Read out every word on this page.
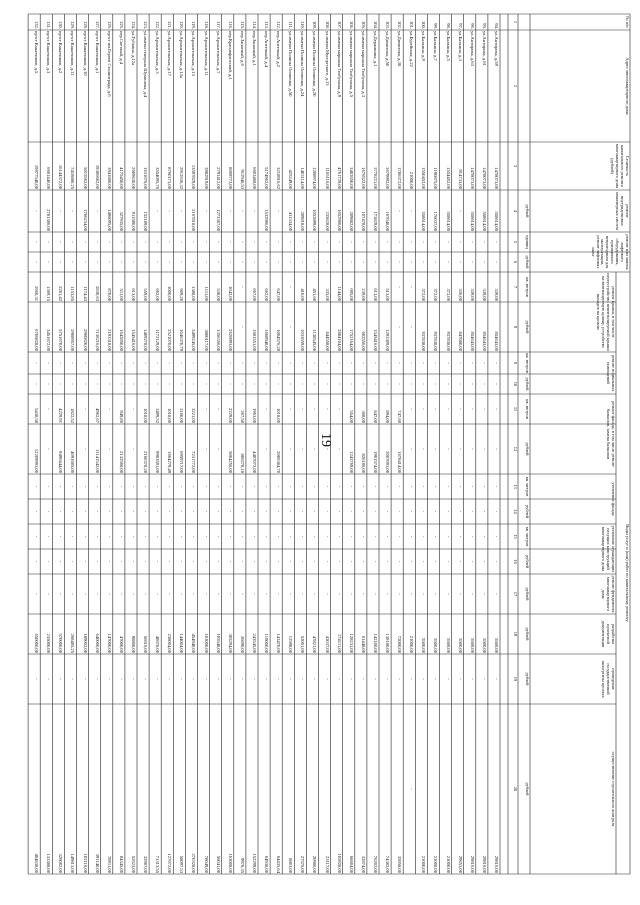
19
Виды услуг и (или) работ по капитальному ремонту
№ п/п
Адрес многоквартирного дома
Стоимость капитального ремонта многоквартирного дома (рублей)
ремонт внутридомовых инженерных систем
ремонт или замена лифтового оборудования, признанного непригодным для эксплуатации, ремонт лифтовых шахт
ремонт крыши, в том числе переустройство невентилируемой крыши на вентилируемую крышу, устройство выходов на кровлю
ремонт подвальных помещений
ремонт фасада, в том числе ремонт балконов, замена балконов
утепление фасада
утепление ограждающих несущих конструкций многоквартирного дома
ремонт фундамента многоквартирного дома
разработка проектной документации
проведение государственной экспертизы проекта
осуществление строительного контроля
рублей
единиц
рублей
кв. метров
рублей
кв. метров
рублей
кв. метров
рублей
кв. метров
рублей
кв. метров
рублей
рублей
рублей
рублей
рублей
1
2
3
4
5
6
7
8
9
10
11
12
13
14
15
16
17
18
19
20
94.
ул.Антирова, д.59
1478073,00
558614,00
-
-
339,00
854643,00
-
-
-
-
-
-
-
-
-
5500,00
-
29816,00
95.
ул.Антирова, д.61
1478073,00
558614,00
-
-
339,00
854643,00
-
-
-
-
-
-
-
-
-
5500,00
-
29816,00
96.
ул.Антирова, д.63
1478073,00
558614,00
-
-
339,00
854643,00
-
-
-
-
-
-
-
-
-
5500,00
-
29816,00
97.
ул.Балкина, д.3
914733,00
-
-
-
336,00
847080,00
-
-
-
-
-
-
-
-
-
5500,00
-
29653,00
98.
ул.Балкина, д.5
1554452,00
558614,00
-
-
372,00
937838,00
-
-
-
-
-
-
-
-
-
5500,00
-
21000,00
99.
ул.Балкина, д.7
1190875,00
176037,00
-
-
372,00
937838,00
-
-
-
-
-
-
-
-
-
5500,00
-
21000,00
100.
ул.Балкина, д.9
1550452,00
558614,00
-
-
372,00
937838,00
-
-
-
-
-
-
-
-
-
5500,00
-
21000,00
101.
ул.Бурейская, д.22
21000,00
-
-
-
-
-
-
-
-
-
-
-
-
-
-
21000,00
-
-
102.
ул.Димитова, д.38
1786372,00
-
-
-
-
-
-
-
747,60
1678414,00
-
-
-
-
-
72000,00
-
35958,00
103.
ул.Димитова, д.50
3679992,00
167048,00
-
-
513,00
1293309,00
-
-
894,00
2007093,00
-
-
-
-
-
138180,00
-
74382,00
104.
ул.Державина, д.1
3778221,00
173829,00
-
-
613,00
1545416,00
-
-
847,00
1901574,00
-
-
-
-
-
142100,00
-
76202,00
105.
ул.имени маршала Толбухина, д.3
1676522,00
107478,00
-
-
239,00
602556,00
-
-
368,00
826186,00
-
-
-
-
-
61448,00
-
32874,00
106.
ул.имени маршала Толбухина, д.5
3402650,00
209882,00
-
-
695,00
1752164,00
-
-
554,00
1243769,00
-
-
-
-
-
128231,00
-
68604,00
107.
ул.имени маршала Толбухина, д.9
4761729,00
1052986,00
-
-
1144,00
2884104,00
-
-
-
-
-
-
-
-
-
174111,00
-
105928,00
108.
ул.имени Мусоргского, д.13
1165116,00
235628,00
-
-
335,00
844558,00
-
-
-
-
-
-
-
-
-
43037,00
-
23117,00
109.
ул.имени Полины Осипенко, д.20
1208974,00
1052899,00
-
-
451,60
1138545,00
-
-
-
-
-
-
-
-
-
47821,00
-
20986,00
110.
ул.имени Полины Осипенко, д.24
1403114,00
289818,00
-
-
410,00
1033659,00
-
-
-
-
-
-
-
-
-
52061,00
-
27576,00
111.
ул.имени Полины Осипенко, д.50
425249,00
411334,00
-
-
-
-
-
-
-
-
-
-
-
-
-
12598,00
-
8803,00
112.
пер.Аптечный, д.2
3218916,62
-
-
-
647,00
1004576,28
-
-
1018,00
2006384,70
-
-
-
-
-
143470,00
-
64435,64
113.
пер.Аптечный, д.4
5174962,00
1532986,00
-
-
662,00
1668948,00
-
-
-
-
-
-
-
-
-
119000,00
-
64938,00
114.
пер.Запасный, д.1
6603468,00
-
-
-
667,00
1681551,00
-
-
1963,00
4407072,00
-
-
-
-
-
243545,00
-
152299,00
115.
пер.Запасный, д.6
912946,53
-
-
-
-
-
-
-
267,50
806278,18
-
-
-
-
-
36690,00
-
9978,35
116.
пер.Краснофлотский, д.1
8069773,00
-
-
-
1042,00
2626993,00
-
-
2229,00
5004256,00
-
-
-
-
-
305294,00
-
163008,00
117.
ул.Архангельская, д.7
2791412,00
1273367,00
-
-
538,00
1356356,00
-
-
-
-
-
-
-
-
-
105548,00
-
56041,00
118.
ул.Архангельская, д.11
3982919,00
-
-
-
1111,00
3800117,00
-
-
-
-
-
-
-
-
-
103000,00
-
78049,00
119.
ул.Архангельская, д.13
13597829,00
2167818,00
-
-
1388,00
3499245,00
-
-
3221,00
7231772,00
-
-
-
-
-
454940,00
-
270328,00
120.
ул.Архангельская, д.13а
2912636,32
-
-
-
609,20
1046370,79
-
-
3160,00
6959717,00
-
-
-
-
-
144004,00
-
58097,53
121.
ул.Архангельская, д.17
8760173,00
-
-
-
1000,00
2521070,00
-
-
1018,00
1664279,49
-
-
-
-
-
238004,00
-
127672,00
122.
ул.Архангельская, д.3
3554095,76
-
-
-
662,00
1172129,00
-
-
3499,52
9903591,00
-
-
-
-
-
48670,00
-
71313,55
123.
ул.имени генерала Шумилова, д.4
1631076,00
152189,00
-
-
559,00
1409278,00
-
-
1018,00
2160378,20
-
-
-
-
-
56616,00
-
32987,00
124.
ул.Губкина, д.12а
2609630,00
911580,00
-
-
613,00
1545416,00
-
-
-
-
-
-
-
-
-
98800,00
-
52623,00
125.
пер.Светлый, д.4
4175450,00
327935,00
-
-
511,00
1642850,00
-
-
949,86
2132560,00
-
-
-
-
-
47000,00
-
84345,00
126.
пр-кт им.Героев Сталинграда, д.6
3941880,00
1496095,00
-
-
870,00
2193318,00
-
-
-
-
-
-
-
-
-
147000,00
-
78911,00
127.
пр-кт Канатчиков, д.1
19306682,00
-
-
-
2830,63
7136216,00
-
-
4962,67
11141542,00
-
-
-
-
-
640000,00
-
391140,00
128.
пр-кт Канатчиков, д.10
5015562,00
1766234,00
-
-
1174,43
2960820,00
-
-
-
-
-
-
-
-
-
189002,00
-
102116,00
129.
пр-кт Канатчиков, д.11
7418880,25
-
-
-
1153,85
2908957,00
-
-
1822,52
4091685,00
-
-
-
-
-
268485,25
-
149813,00
130.
пр-кт Канатчиков, д.2
16144372,00
-
-
-
2281,42
5751670,00
-
-
4229,91
9496444,00
-
-
-
-
-
570000,00
-
326082,00
131.
пр-кт Канатчиков, д.3
6601446,00
2781386,00
-
-
1369,15
3451672,00
-
-
-
-
-
-
-
-
-
235000,00
-
133388,00
132.
пр-кт Канатчиков, д.5
19977540,00
-
-
-
2660,31
6706828,00
-
-
5438,58
12209993,00
-
-
-
-
-
650000,00
-
404838,00
